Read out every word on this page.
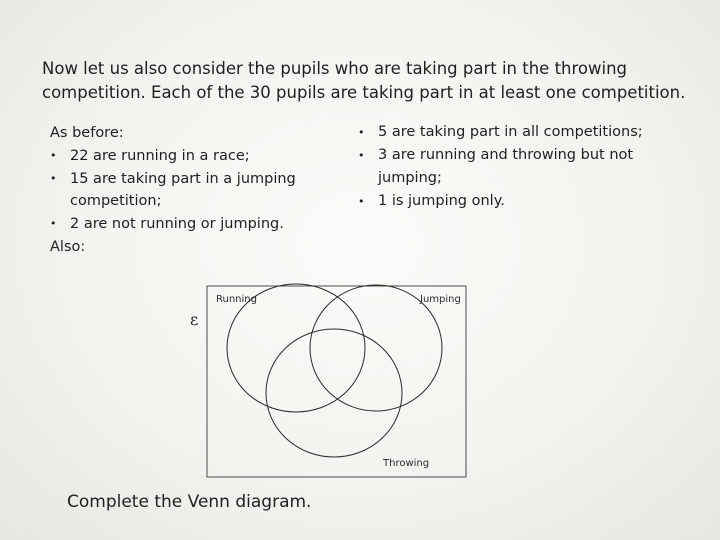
Now let us also consider the pupils who are taking part in the throwing
competition. Each of the 30 pupils are taking part in at least one competition.

As before:
• 22 are running in a race;
• 15 are taking part in a jumping
competition;
• 2 are not running or jumping.
Also:
• 5 are taking part in all competitions;
• 3 are running and throwing but not
jumping;
• 1 is jumping only.
ε
Running	Jumping
Throwing

Complete the Venn diagram.
